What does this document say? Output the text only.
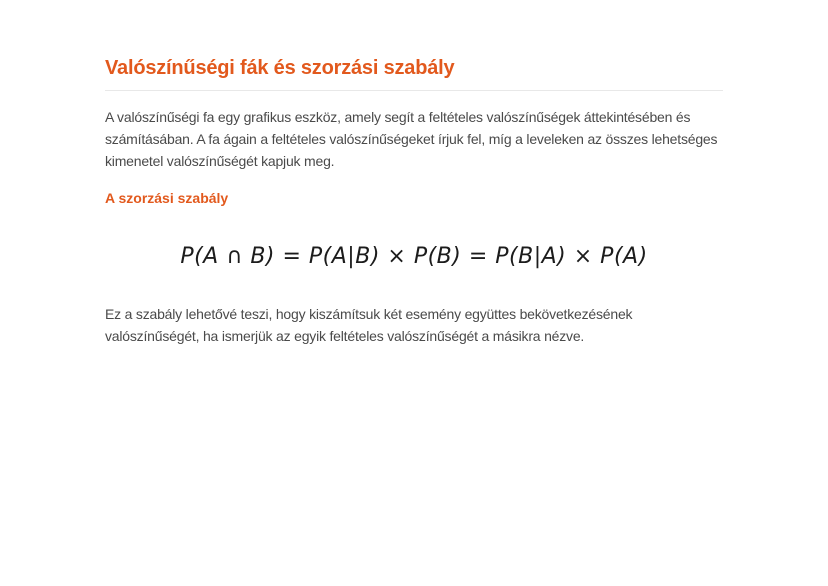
Valószínűségi fák és szorzási szabály

A valószínűségi fa egy grafikus eszköz, amely segít a feltételes valószínűségek áttekintésében és számításában. A fa ágain a feltételes valószínűségeket írjuk fel, míg a leveleken az összes lehetséges kimenetel valószínűségét kapjuk meg.

A szorzási szabály
P(A ∩ B) = P(A|B) × P(B) = P(B|A) × P(A)

Ez a szabály lehetővé teszi, hogy kiszámítsuk két esemény együttes bekövetkezésének valószínűségét, ha ismerjük az egyik feltételes valószínűségét a másikra nézve.
